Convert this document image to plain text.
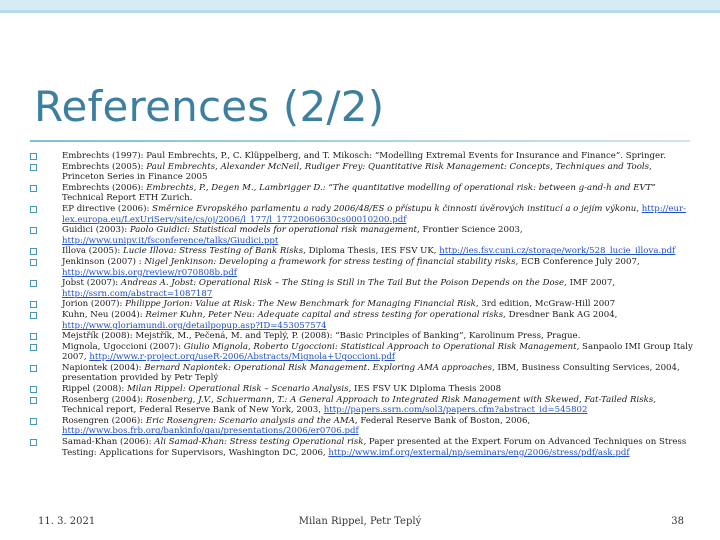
References (2/2)
Embrechts (1997): Paul Embrechts, P., C. Klüppelberg, and T. Mikosch: “Modelling Extremal Events for Insurance and Finance”. Springer.
Embrechts (2005): Paul Embrechts, Alexander McNeil, Rudiger Frey: Quantitative Risk Management: Concepts, Techniques and Tools, Princeton Series in Finance 2005
Embrechts (2006): Embrechts, P., Degen M., Lambrigger D.: “The quantitative modelling of operational risk: between g-and-h and EVT” Technical Report ETH Zurich.
EP directive (2006): Směrnice Evropského parlamentu a rady 2006/48/ES o přístupu k činnosti úvěrových institucí a o jejím výkonu, http://eur-lex.europa.eu/LexUriServ/site/cs/oj/2006/l_177/l_17720060630cs00010200.pdf
Guidici (2003): Paolo Guidici: Statistical models for operational risk management, Frontier Science 2003, http://www.unipv.it/fsconference/talks/Giudici.ppt
Illova (2005): Lucie Illova: Stress Testing of Bank Risks, Diploma Thesis, IES FSV UK, http://ies.fsv.cuni.cz/storage/work/528_lucie_illova.pdf
Jenkinson (2007) : Nigel Jenkinson: Developing a framework for stress testing of financial stability risks, ECB Conference July 2007, http://www.bis.org/review/r070808b.pdf
Jobst (2007): Andreas A. Jobst: Operational Risk – The Sting is Still in The Tail But the Poison Depends on the Dose, IMF 2007, http://ssrn.com/abstract=1087187
Jorion (2007): Philippe Jorion: Value at Risk: The New Benchmark for Managing Financial Risk, 3rd edition, McGraw-Hill 2007
Kuhn, Neu (2004): Reimer Kuhn, Peter Neu: Adequate capital and stress testing for operational risks, Dresdner Bank AG 2004, http://www.gloriamundi.org/detailpopup.asp?ID=453057574
Mejstřík (2008): Mejstřík, M., Pečená, M. and Teplý, P. (2008): “Basic Principles of Banking”, Karolinum Press, Prague.
Mignola, Ugoccioni (2007): Giulio Mignola, Roberto Ugoccioni: Statistical Approach to Operational Risk Management, Sanpaolo IMI Group Italy 2007, http://www.r-project.org/useR-2006/Abstracts/Mignola+Ugoccioni.pdf
Napiontek (2004): Bernard Napiontek: Operational Risk Management. Exploring AMA approaches, IBM, Business Consulting Services, 2004, presentation provided by Petr Teplý
Rippel (2008): Milan Rippel: Operational Risk – Scenario Analysis, IES FSV UK Diploma Thesis 2008
Rosenberg (2004): Rosenberg, J.V., Schuermann, T.: A General Approach to Integrated Risk Management with Skewed, Fat-Tailed Risks, Technical report, Federal Reserve Bank of New York, 2003, http://papers.ssrn.com/sol3/papers.cfm?abstract_id=545802
Rosengren (2006): Eric Rosengren: Scenario analysis and the AMA, Federal Reserve Bank of Boston, 2006, http://www.bos.frb.org/bankinfo/qau/presentations/2006/er0706.pdf
Samad-Khan (2006): Ali Samad-Khan: Stress testing Operational risk, Paper presented at the Expert Forum on Advanced Techniques on Stress Testing: Applications for Supervisors, Washington DC, 2006, http://www.imf.org/external/np/seminars/eng/2006/stress/pdf/ask.pdf
11. 3. 2021	Milan Rippel, Petr Teplý	38
